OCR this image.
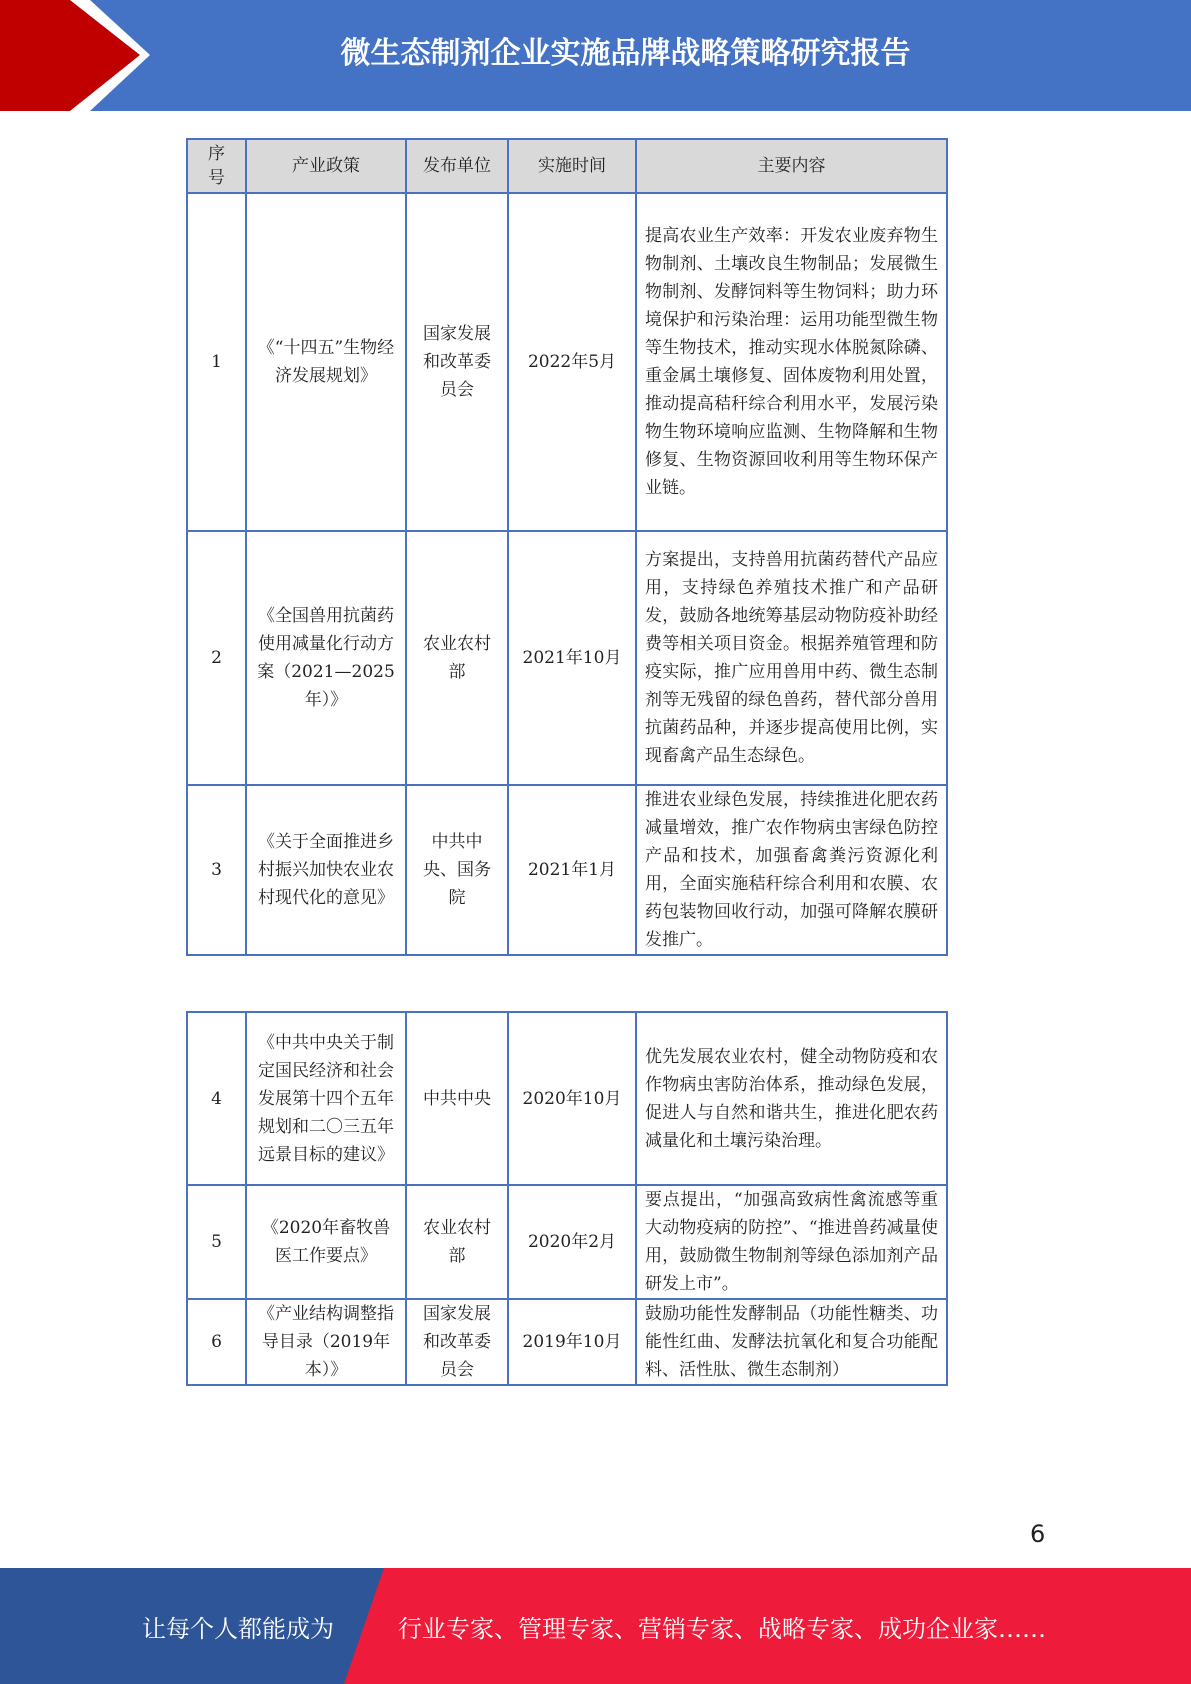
微生态制剂企业实施品牌战略策略研究报告
序号	产业政策	发布单位	实施时间	主要内容
1	《“十四五”生物经济发展规划》	国家发展和改革委员会	2022年5月	提高农业生产效率：开发农业废弃物生物制剂、土壤改良生物制品；发展微生物制剂、发酵饲料等生物饲料；助力环境保护和污染治理：运用功能型微生物等生物技术，推动实现水体脱氮除磷、重金属土壤修复、固体废物利用处置，推动提高秸秆综合利用水平，发展污染物生物环境响应监测、生物降解和生物修复、生物资源回收利用等生物环保产业链。
2	《全国兽用抗菌药使用减量化行动方案（2021—2025年）》	农业农村部	2021年10月	方案提出，支持兽用抗菌药替代产品应用，支持绿色养殖技术推广和产品研发，鼓励各地统筹基层动物防疫补助经费等相关项目资金。根据养殖管理和防疫实际，推广应用兽用中药、微生态制剂等无残留的绿色兽药，替代部分兽用抗菌药品种，并逐步提高使用比例，实现畜禽产品生态绿色。
3	《关于全面推进乡村振兴加快农业农村现代化的意见》	中共中央、国务院	2021年1月	推进农业绿色发展，持续推进化肥农药减量增效，推广农作物病虫害绿色防控产品和技术，加强畜禽粪污资源化利用，全面实施秸秆综合利用和农膜、农药包装物回收行动，加强可降解农膜研发推广。
4	《中共中央关于制定国民经济和社会发展第十四个五年规划和二〇三五年远景目标的建议》	中共中央	2020年10月	优先发展农业农村，健全动物防疫和农作物病虫害防治体系，推动绿色发展，促进人与自然和谐共生，推进化肥农药减量化和土壤污染治理。
5	《2020年畜牧兽医工作要点》	农业农村部	2020年2月	要点提出，“加强高致病性禽流感等重大动物疫病的防控”、“推进兽药减量使用，鼓励微生物制剂等绿色添加剂产品研发上市”。
6	《产业结构调整指导目录（2019年本）》	国家发展和改革委员会	2019年10月	鼓励功能性发酵制品（功能性糖类、功能性红曲、发酵法抗氧化和复合功能配料、活性肽、微生态制剂）
6
让每个人都能成为	行业专家、管理专家、营销专家、战略专家、成功企业家……
